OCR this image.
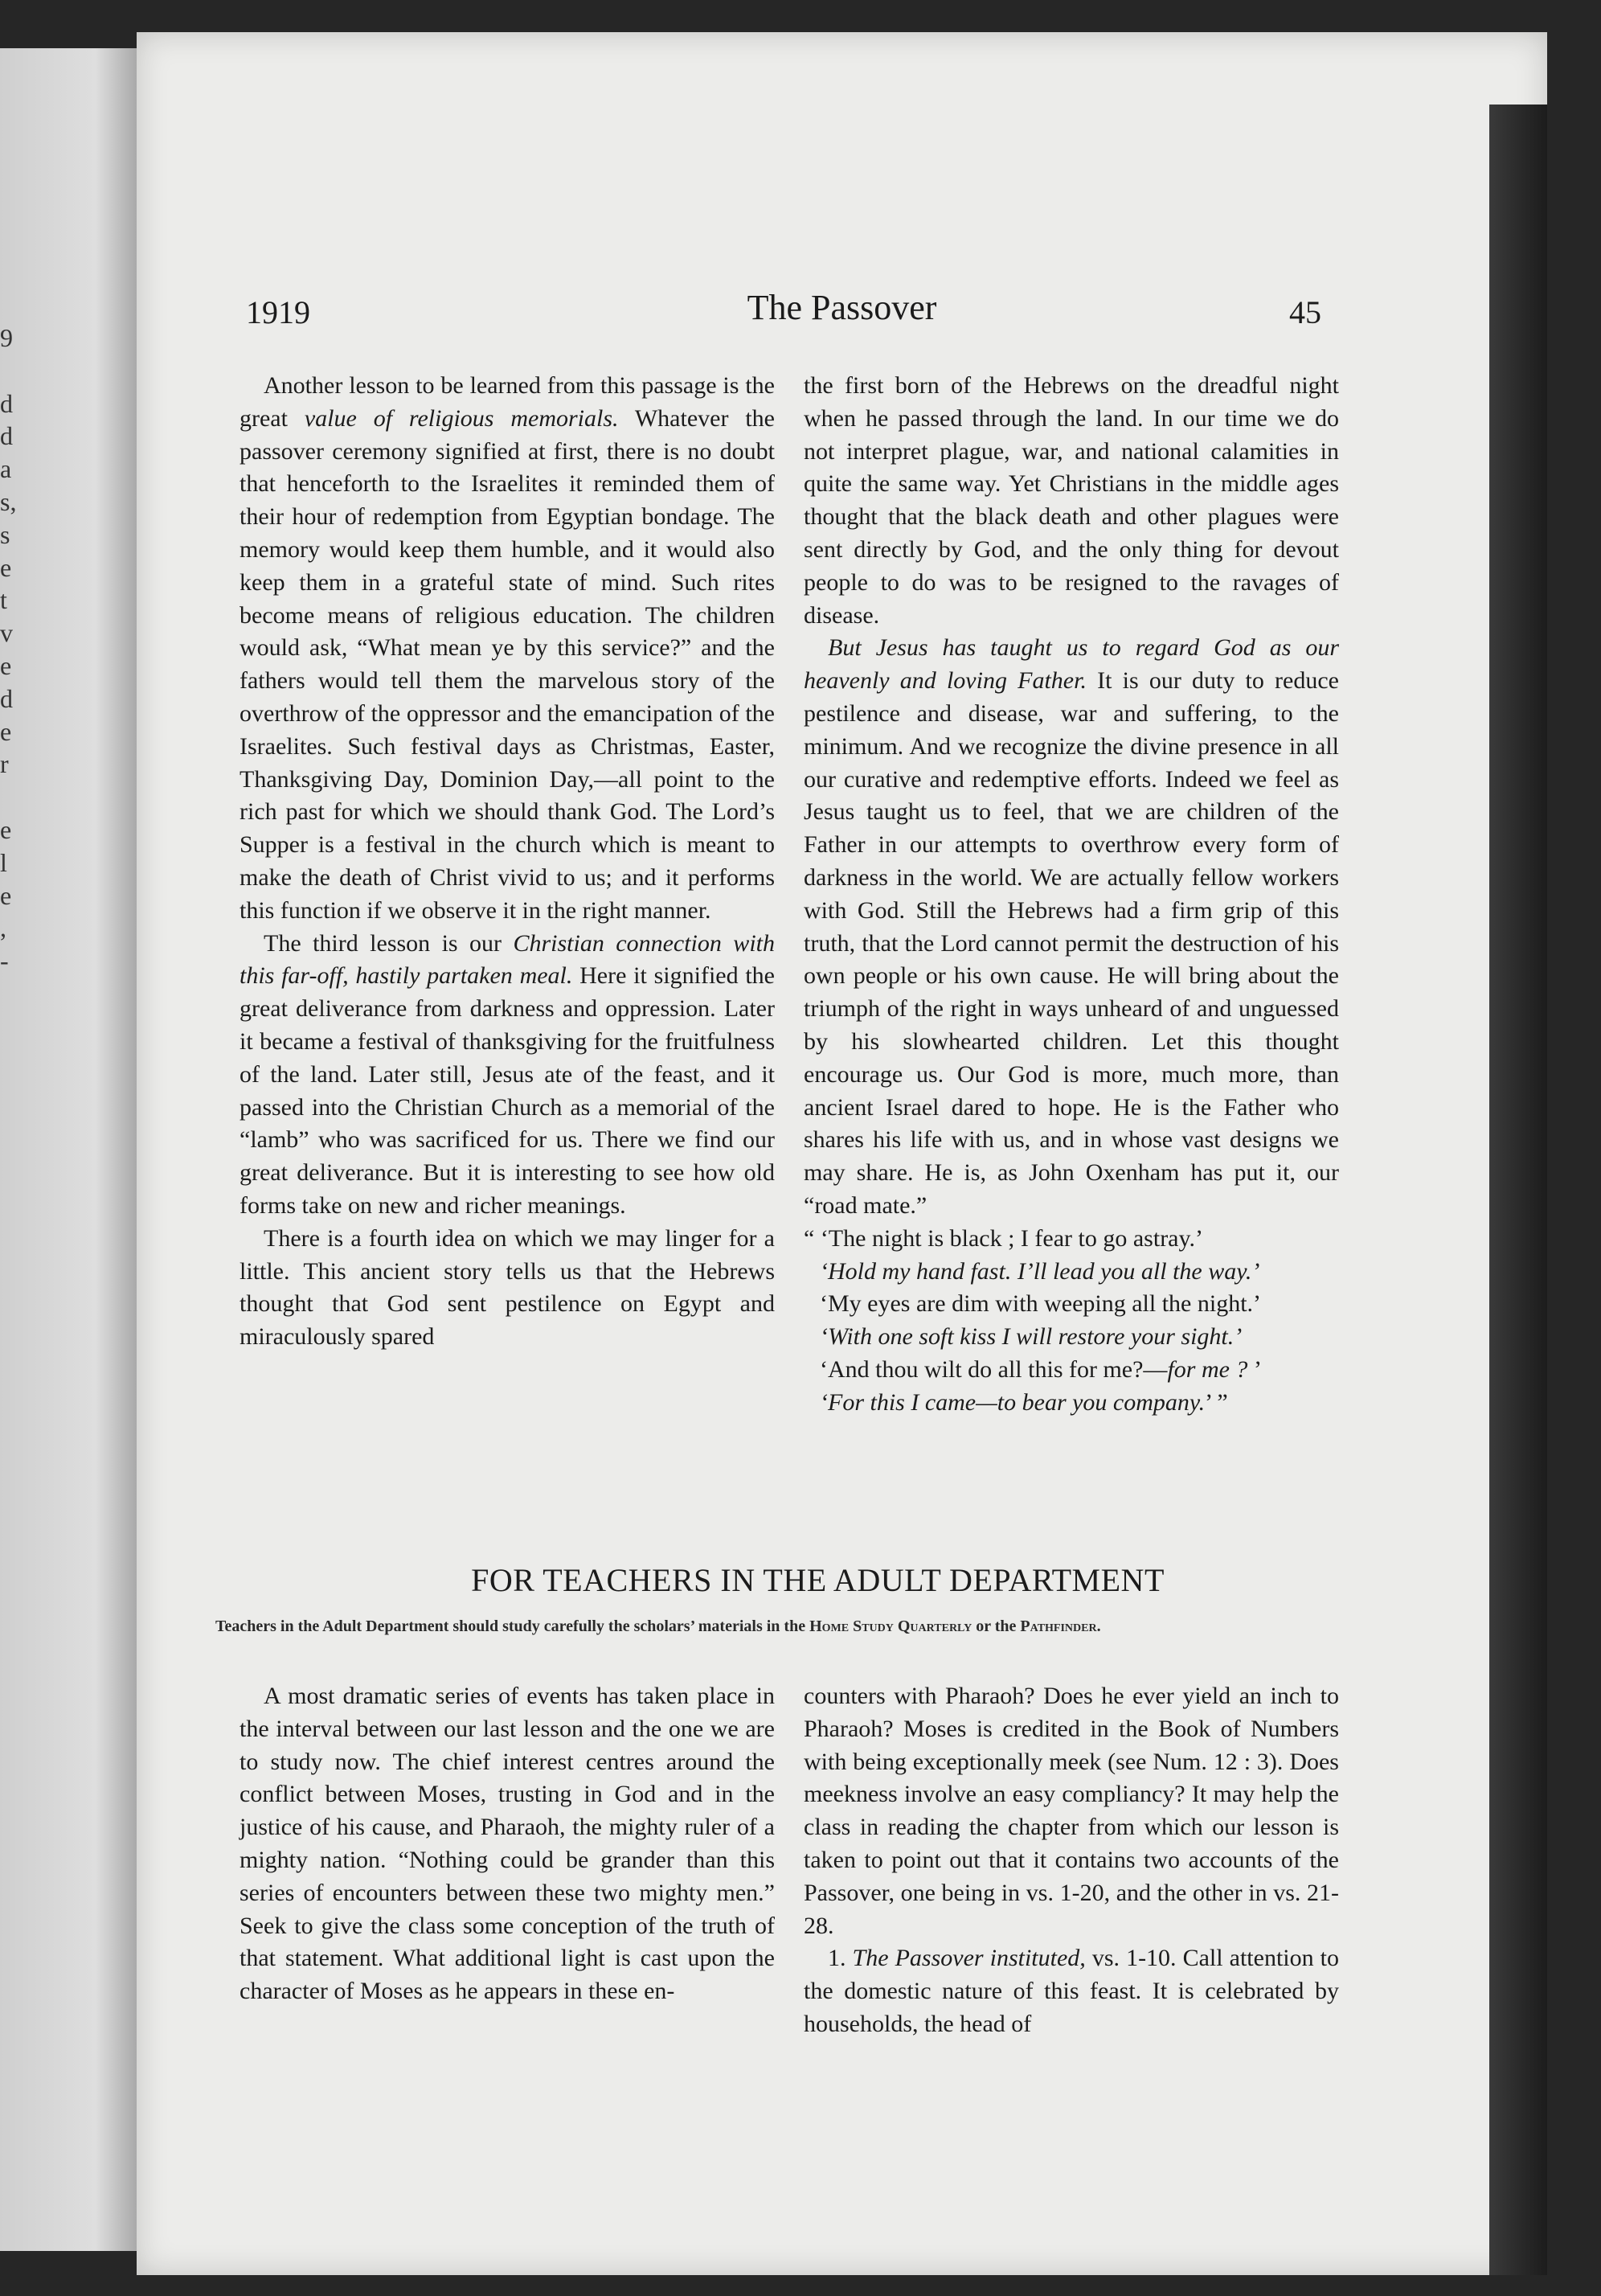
9
d
d
a
s,
s
e
t
v
e
d
e
r
e
l
e
,
-
1919	The Passover	45

Another lesson to be learned from this passage is the great value of religious memorials. Whatever the passover ceremony signified at first, there is no doubt that henceforth to the Israelites it reminded them of their hour of redemption from Egyptian bondage. The memory would keep them humble, and it would also keep them in a grateful state of mind. Such rites become means of religious education. The children would ask, “What mean ye by this service?” and the fathers would tell them the marvelous story of the overthrow of the oppressor and the emancipation of the Israelites. Such festival days as Christmas, Easter, Thanksgiving Day, Dominion Day,—all point to the rich past for which we should thank God. The Lord’s Supper is a festival in the church which is meant to make the death of Christ vivid to us; and it performs this function if we observe it in the right manner.

The third lesson is our Christian connection with this far-off, hastily partaken meal. Here it signified the great deliverance from darkness and oppression. Later it became a festival of thanksgiving for the fruitfulness of the land. Later still, Jesus ate of the feast, and it passed into the Christian Church as a memorial of the “lamb” who was sacrificed for us. There we find our great deliverance. But it is interesting to see how old forms take on new and richer meanings.

There is a fourth idea on which we may linger for a little. This ancient story tells us that the Hebrews thought that God sent pestilence on Egypt and miraculously spared

the first born of the Hebrews on the dreadful night when he passed through the land. In our time we do not interpret plague, war, and national calamities in quite the same way. Yet Christians in the middle ages thought that the black death and other plagues were sent directly by God, and the only thing for devout people to do was to be resigned to the ravages of disease.

But Jesus has taught us to regard God as our heavenly and loving Father. It is our duty to reduce pestilence and disease, war and suffering, to the minimum. And we recognize the divine presence in all our curative and redemptive efforts. Indeed we feel as Jesus taught us to feel, that we are children of the Father in our attempts to overthrow every form of darkness in the world. We are actually fellow workers with God. Still the Hebrews had a firm grip of this truth, that the Lord cannot permit the destruction of his own people or his own cause. He will bring about the triumph of the right in ways unheard of and unguessed by his slowhearted children. Let this thought encourage us. Our God is more, much more, than ancient Israel dared to hope. He is the Father who shares his life with us, and in whose vast designs we may share. He is, as John Oxenham has put it, our “road mate.”

“ ‘The night is black ; I fear to go astray.’
‘Hold my hand fast. I’ll lead you all the way.’
‘My eyes are dim with weeping all the night.’
‘With one soft kiss I will restore your sight.’
‘And thou wilt do all this for me?—for me ? ’
‘For this I came—to bear you company.’ ”
FOR TEACHERS IN THE ADULT DEPARTMENT
Teachers in the Adult Department should study carefully the scholars’ materials in the Home Study Quarterly or the Pathfinder.

A most dramatic series of events has taken place in the interval between our last lesson and the one we are to study now. The chief interest centres around the conflict between Moses, trusting in God and in the justice of his cause, and Pharaoh, the mighty ruler of a mighty nation. “Nothing could be grander than this series of encounters between these two mighty men.” Seek to give the class some conception of the truth of that statement. What additional light is cast upon the character of Moses as he appears in these en-

counters with Pharaoh? Does he ever yield an inch to Pharaoh? Moses is credited in the Book of Numbers with being exceptionally meek (see Num. 12 : 3). Does meekness involve an easy compliancy? It may help the class in reading the chapter from which our lesson is taken to point out that it contains two accounts of the Passover, one being in vs. 1-20, and the other in vs. 21-28.

1. The Passover instituted, vs. 1-10. Call attention to the domestic nature of this feast. It is celebrated by households, the head of
